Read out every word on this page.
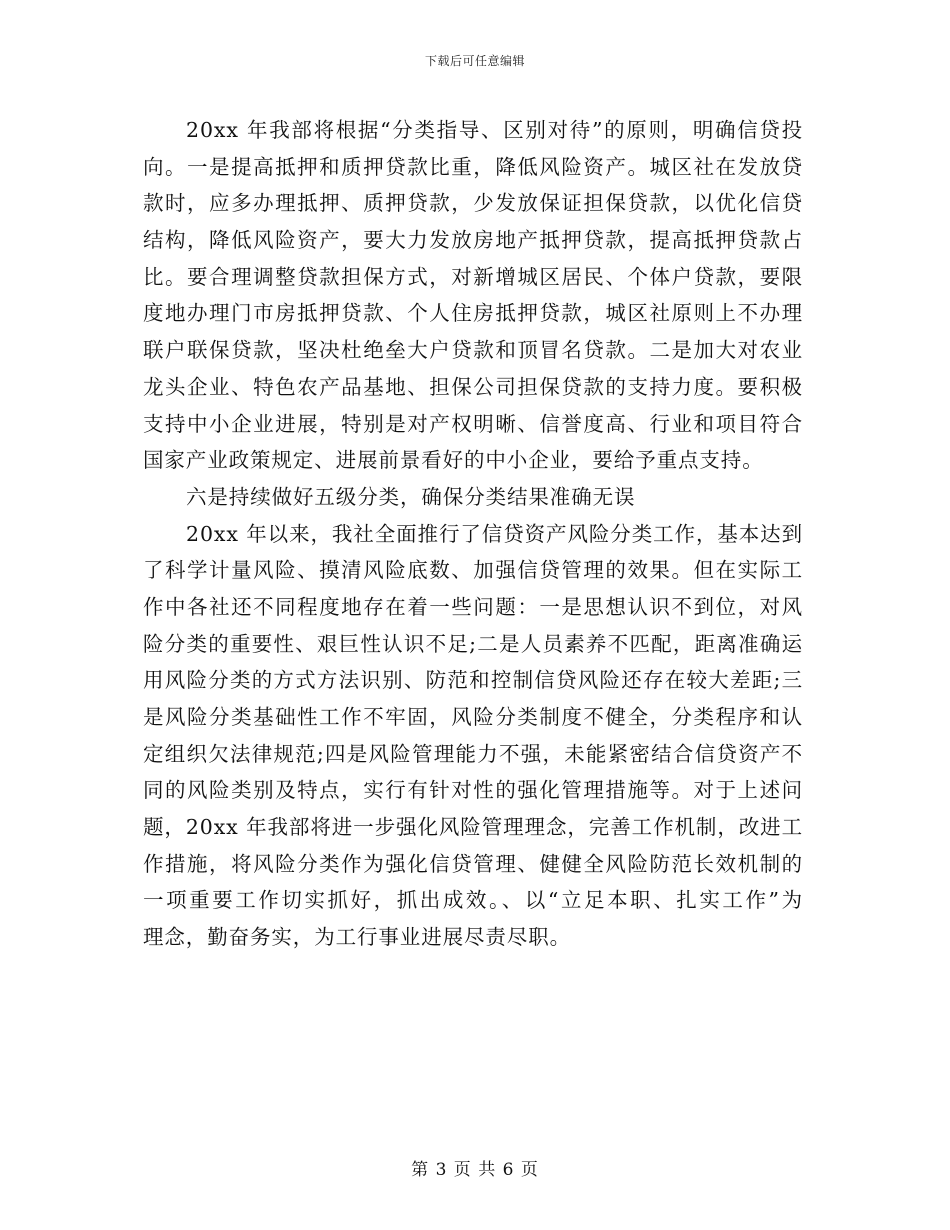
下载后可任意编辑
20xx 年我部将根据“分类指导、区别对待”的原则，明确信贷投
向。一是提高抵押和质押贷款比重，降低风险资产。城区社在发放贷
款时，应多办理抵押、质押贷款，少发放保证担保贷款，以优化信贷
结构，降低风险资产，要大力发放房地产抵押贷款，提高抵押贷款占
比。要合理调整贷款担保方式，对新增城区居民、个体户贷款，要限
度地办理门市房抵押贷款、个人住房抵押贷款，城区社原则上不办理
联户联保贷款，坚决杜绝垒大户贷款和顶冒名贷款。二是加大对农业
龙头企业、特色农产品基地、担保公司担保贷款的支持力度。要积极
支持中小企业进展，特别是对产权明晰、信誉度高、行业和项目符合
国家产业政策规定、进展前景看好的中小企业，要给予重点支持。
六是持续做好五级分类，确保分类结果准确无误
20xx 年以来，我社全面推行了信贷资产风险分类工作，基本达到
了科学计量风险、摸清风险底数、加强信贷管理的效果。但在实际工
作中各社还不同程度地存在着一些问题：一是思想认识不到位，对风
险分类的重要性、艰巨性认识不足;二是人员素养不匹配，距离准确运
用风险分类的方式方法识别、防范和控制信贷风险还存在较大差距;三
是风险分类基础性工作不牢固，风险分类制度不健全，分类程序和认
定组织欠法律规范;四是风险管理能力不强，未能紧密结合信贷资产不
同的风险类别及特点，实行有针对性的强化管理措施等。对于上述问
题，20xx 年我部将进一步强化风险管理理念，完善工作机制，改进工
作措施，将风险分类作为强化信贷管理、健健全风险防范长效机制的
一项重要工作切实抓好，抓出成效。、以“立足本职、扎实工作”为
理念，勤奋务实，为工行事业进展尽责尽职。
第 3 页 共 6 页
